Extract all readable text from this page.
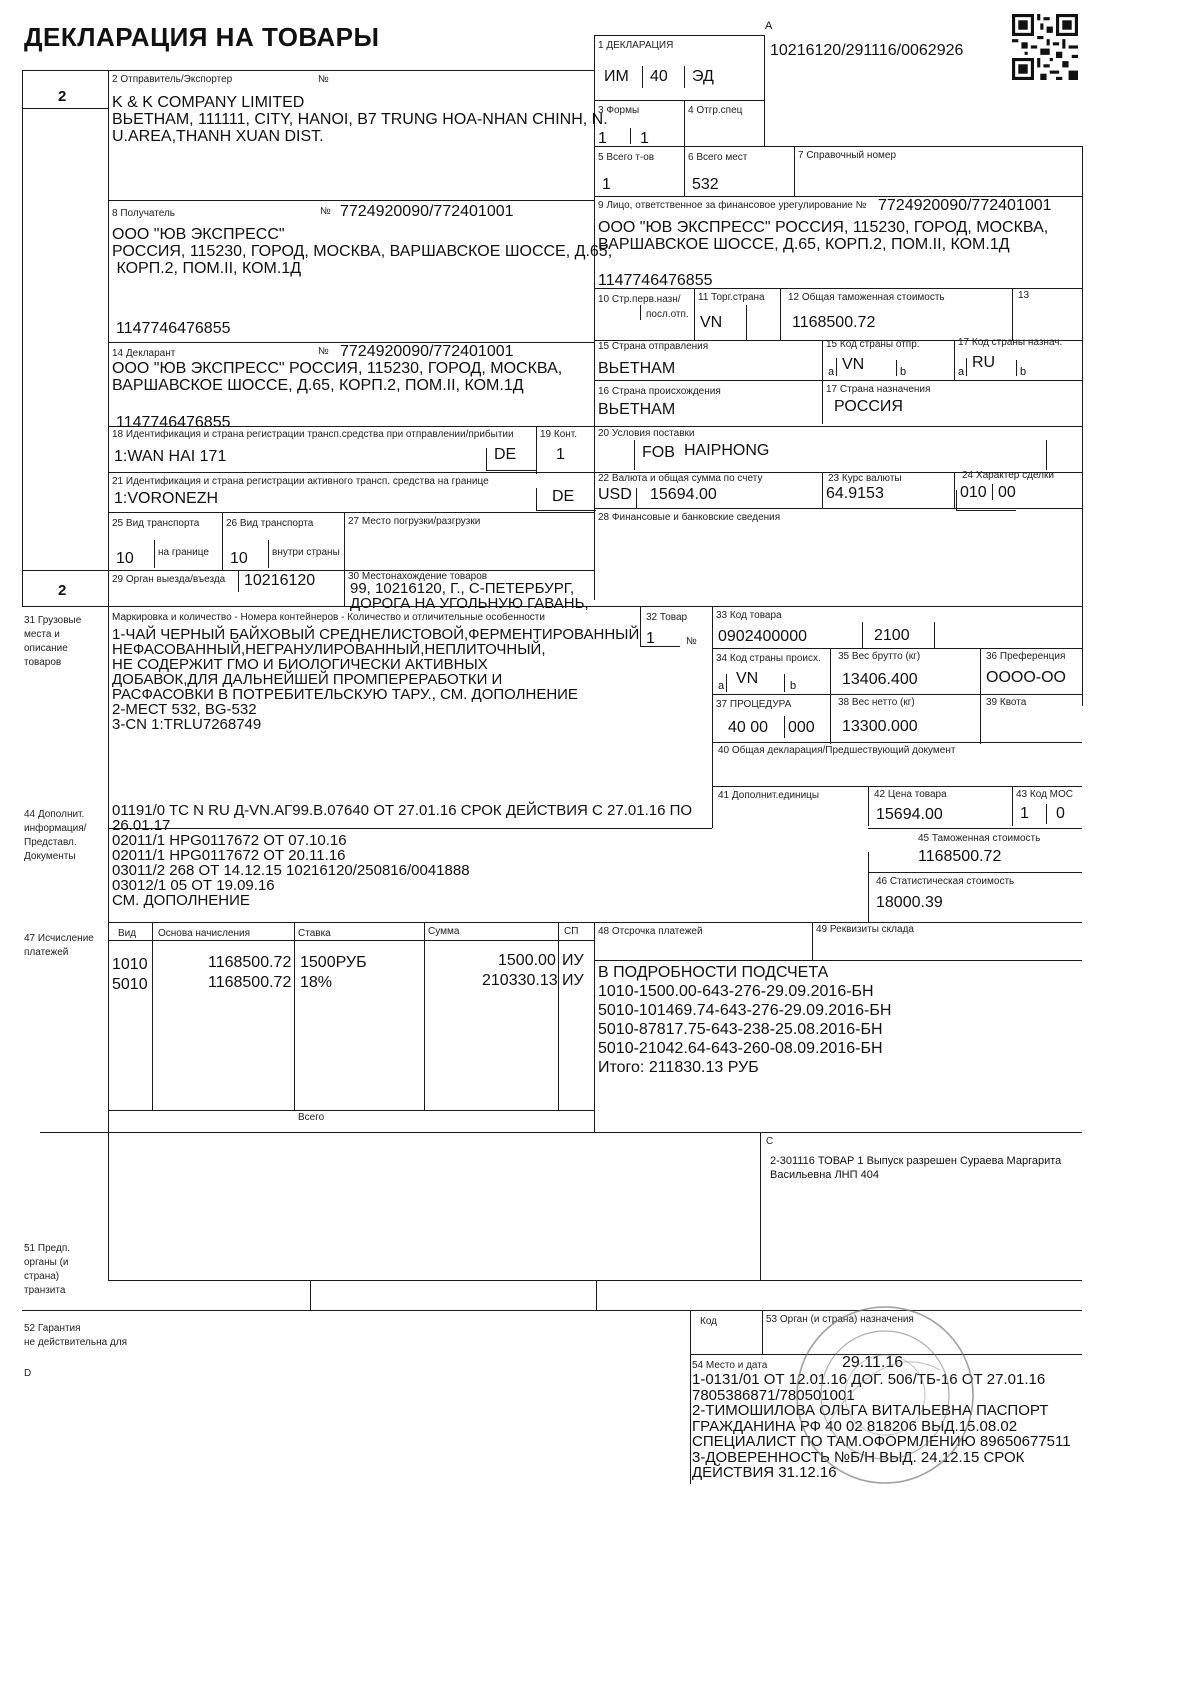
ДЕКЛАРАЦИЯ НА ТОВАРЫ	A
10216120/291116/0062926
1 ДЕКЛАРАЦИЯ
ИМ 40 ЭД
2
2 Отправитель/Экспортер	№
K & K COMPANY LIMITED
ВЬЕТНАМ, 111111, CITY, HANOI, B7 TRUNG HOA-NHAN CHINH, N.
U.AREA,THANH XUAN DIST.
3 Формы
1 1
4 Отгр.спец
5 Всего т-ов
1
6 Всего мест
532
7 Справочный номер
8 Получатель	№ 7724920090/772401001
ООО "ЮВ ЭКСПРЕСС"
РОССИЯ, 115230, ГОРОД, МОСКВА, ВАРШАВСКОЕ ШОССЕ, Д.65,
КОРП.2, ПОМ.II, КОМ.1Д
1147746476855
9 Лицо, ответственное за финансовое урегулирование № 7724920090/772401001
ООО "ЮВ ЭКСПРЕСС" РОССИЯ, 115230, ГОРОД, МОСКВА,
ВАРШАВСКОЕ ШОССЕ, Д.65, КОРП.2, ПОМ.II, КОМ.1Д
1147746476855
10 Стр.перв.назн/
посл.отп.
11 Торг.страна
VN
12 Общая таможенная стоимость
1168500.72
13
14 Декларант	№ 7724920090/772401001
ООО "ЮВ ЭКСПРЕСС" РОССИЯ, 115230, ГОРОД, МОСКВА,
ВАРШАВСКОЕ ШОССЕ, Д.65, КОРП.2, ПОМ.II, КОМ.1Д
1147746476855
15 Страна отправления
ВЬЕТНАМ
15 Код страны отпр.
a VN	b
17 Код страны назнач.
a
RU
b
16 Страна происхождения
ВЬЕТНАМ
17 Страна назначения
РОССИЯ
18 Идентификация и страна регистрации трансп.средства при отправлении/прибытии
1:WAN HAI 171	DE
19 Конт.
1
20 Условия поставки
FOB HAIPHONG
21 Идентификация и страна регистрации активного трансп. средства на границе
1:VORONEZH	DE
22 Валюта и общая сумма по счету
USD 15694.00
23 Курс валюты
64.9153
24 Характер сделки
010 00
25 Вид транспорта
10 на границе
26 Вид транспорта
10 внутри страны
27 Место погрузки/разгрузки	28 Финансовые и банковские сведения
2
29 Орган выезда/въезда 10216120	30 Местонахождение товаров
99, 10216120, Г., С-ПЕТЕРБУРГ,
ДОРОГА НА УГОЛЬНУЮ ГАВАНЬ,
31 Грузовые
места и
описание
товаров
Маркировка и количество - Номера контейнеров - Количество и отличительные особенности
1-ЧАЙ ЧЕРНЫЙ БАЙХОВЫЙ СРЕДНЕЛИСТОВОЙ,ФЕРМЕНТИРОВАННЫЙ
НЕФАСОВАННЫЙ,НЕГРАНУЛИРОВАННЫЙ,НЕПЛИТОЧНЫЙ,
НЕ СОДЕРЖИТ ГМО И БИОЛОГИЧЕСКИ АКТИВНЫХ
ДОБАВОК,ДЛЯ ДАЛЬНЕЙШЕЙ ПРОМПЕРЕРАБОТКИ И
РАСФАСОВКИ В ПОТРЕБИТЕЛЬСКУЮ ТАРУ., СМ. ДОПОЛНЕНИЕ
2-МЕСТ 532, BG-532
3-CN 1:TRLU7268749
32 Товар
1	№
33 Код товара
0902400000	2100
34 Код страны происх.
a VN	b
35 Вес брутто (кг)
13406.400
36 Преференция
ОООО-ОО
37 ПРОЦЕДУРА
40 00 000
38 Вес нетто (кг)
13300.000
39 Квота
40 Общая декларация/Предшествующий документ
41 Дополнит.единицы	42 Цена товара
15694.00
43 Код МОС
1 0
44 Дополнит.
информация/
Представл.
Документы
01191/0 TC N RU Д-VN.АГ99.В.07640 ОТ 27.01.16 СРОК ДЕЙСТВИЯ С 27.01.16 ПО
26.01.17
02011/1 HPG0117672 ОТ 07.10.16
02011/1 HPG0117672 ОТ 20.11.16
03011/2 268 ОТ 14.12.15 10216120/250816/0041888
03012/1 05 ОТ 19.09.16
СМ. ДОПОЛНЕНИЕ
45 Таможенная стоимость
1168500.72
46 Статистическая стоимость
18000.39
47 Исчисление
платежей
Вид Основа начисления	Ставка	Сумма	СП
1010	1168500.72 1500РУБ	1500.00 ИУ
5010	1168500.72 18%	210330.13 ИУ
Всего
48 Отсрочка платежей	49 Реквизиты склада
В ПОДРОБНОСТИ ПОДСЧЕТА
1010-1500.00-643-276-29.09.2016-БН
5010-101469.74-643-276-29.09.2016-БН
5010-87817.75-643-238-25.08.2016-БН
5010-21042.64-643-260-08.09.2016-БН
Итого: 211830.13 РУБ
С
2-301116 ТОВАР 1 Выпуск разрешен Сураева Маргарита
Васильевна ЛНП 404
51 Предп.
органы (и
страна)
транзита
52 Гарантия
не действительна для
Код	53 Орган (и страна) назначения
D
54 Место и дата	29.11.16
1-0131/01 ОТ 12.01.16 ДОГ. 506/ТБ-16 ОТ 27.01.16
7805386871/780501001
2-ТИМОШИЛОВА ОЛЬГА ВИТАЛЬЕВНА ПАСПОРТ
ГРАЖДАНИНА РФ 40 02 818206 ВЫД.15.08.02
СПЕЦИАЛИСТ ПО ТАМ.ОФОРМЛЕНИЮ 89650677511
3-ДОВЕРЕННОСТЬ №Б/Н ВЫД. 24.12.15 СРОК
ДЕЙСТВИЯ 31.12.16
